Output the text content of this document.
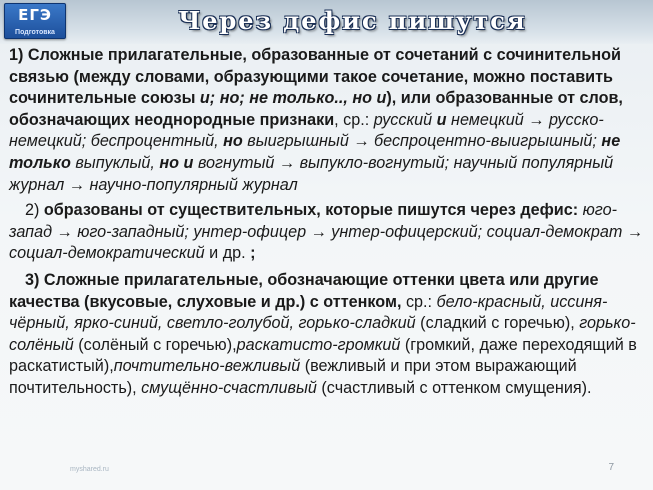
ЕГЭ
Подготовка	Через дефис пишутся

1) Сложные прилагательные, образованные от сочетаний с сочинительной связью (между словами, образующими такое сочетание, можно поставить сочинительные союзы и; но; не только.., но и), или образованные от слов, обозначающих неоднородные признаки, ср.: русский и немецкий → русско-немецкий; беспроцентный, но выигрышный → беспроцентно-выигрышный; не только выпуклый, но и вогнутый → выпукло-вогнутый; научный популярный журнал → научно-популярный журнал

2) образованы от существительных, которые пишутся через дефис: юго-запад → юго-западный; унтер-офицер → унтер-офицерский; социал-демократ → социал-демократический и др. ;

3) Сложные прилагательные, обозначающие оттенки цвета или другие качества (вкусовые, слуховые и др.) с оттенком, ср.: бело-красный, иссиня-чёрный, ярко-синий, светло-голубой, горько-сладкий (сладкий с горечью), горько-солёный (солёный с горечью),раскатисто-громкий (громкий, даже переходящий в раскатистый),почтительно-вежливый (вежливый и при этом выражающий почтительность), смущённо-счастливый (счастливый с оттенком смущения).

myshared.ru	7
